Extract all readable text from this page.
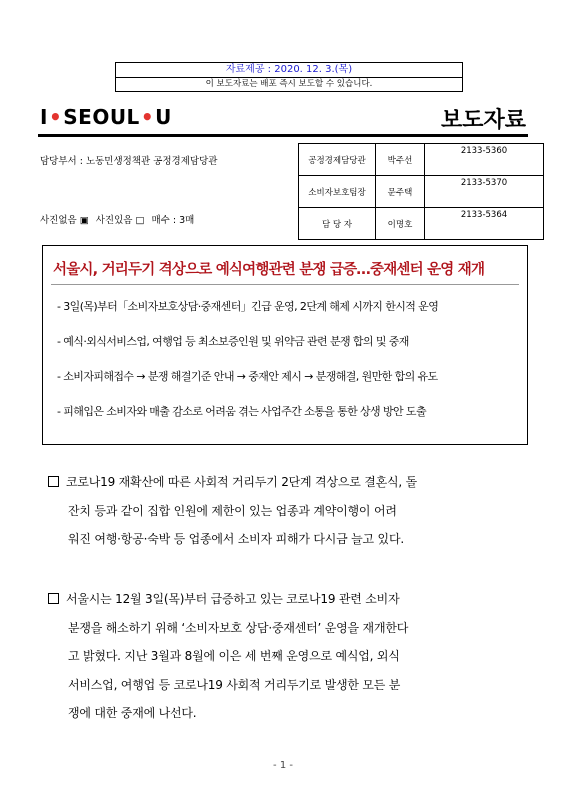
자료제공 : 2020. 12. 3.(목)
이 보도자료는 배포 즉시 보도할 수 있습니다.
I•SEOUL•U	보도자료
담당부서 : 노동민생정책관 공정경제담당관
사진없음 ▣ 사진있음 □ 매수 : 3매
공정경제담당관	박주선	2133-5360
소비자보호팀장	문주택	2133-5370
담 당 자	이명호	2133-5364
서울시, 거리두기 격상으로 예식여행관련 분쟁 급증…중재센터 운영 재개
- 3일(목)부터「소비자보호상담·중재센터」긴급 운영, 2단계 해제 시까지 한시적 운영
- 예식·외식서비스업, 여행업 등 최소보증인원 및 위약금 관련 분쟁 합의 및 중재
- 소비자피해접수 → 분쟁 해결기준 안내 → 중재안 제시 → 분쟁해결, 원만한 합의 유도
- 피해입은 소비자와 매출 감소로 어려움 겪는 사업주간 소통을 통한 상생 방안 도출
코로나19 재확산에 따른 사회적 거리두기 2단계 격상으로 결혼식, 돌
잔치 등과 같이 집합 인원에 제한이 있는 업종과 계약이행이 어려
워진 여행·항공·숙박 등 업종에서 소비자 피해가 다시금 늘고 있다.
서울시는 12월 3일(목)부터 급증하고 있는 코로나19 관련 소비자
분쟁을 해소하기 위해 ‘소비자보호 상담·중재센터’ 운영을 재개한다
고 밝혔다. 지난 3월과 8월에 이은 세 번째 운영으로 예식업, 외식
서비스업, 여행업 등 코로나19 사회적 거리두기로 발생한 모든 분
쟁에 대한 중재에 나선다.
- 1 -
